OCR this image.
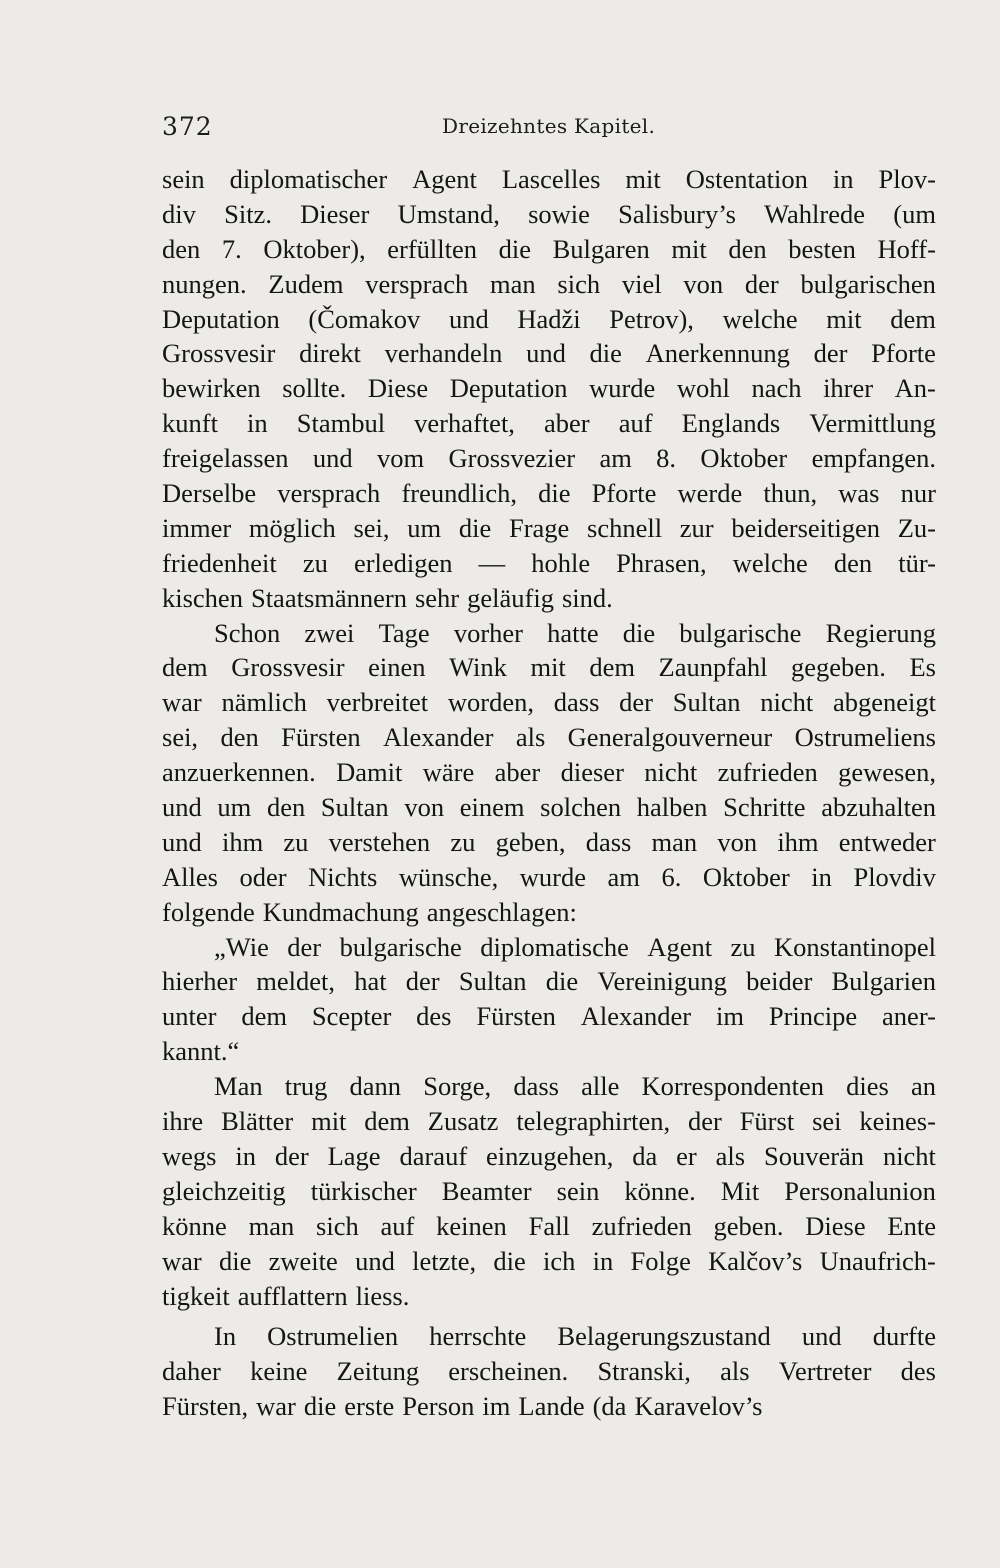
372	Dreizehntes Kapitel.
sein diplomatischer Agent Lascelles mit Ostentation in Plov-
div Sitz. Dieser Umstand, sowie Salisbury’s Wahlrede (um
den 7. Oktober), erfüllten die Bulgaren mit den besten Hoff-
nungen. Zudem versprach man sich viel von der bulgarischen
Deputation (Čomakov und Hadži Petrov), welche mit dem
Grossvesir direkt verhandeln und die Anerkennung der Pforte
bewirken sollte. Diese Deputation wurde wohl nach ihrer An-
kunft in Stambul verhaftet, aber auf Englands Vermittlung
freigelassen und vom Grossvezier am 8. Oktober empfangen.
Derselbe versprach freundlich, die Pforte werde thun, was nur
immer möglich sei, um die Frage schnell zur beiderseitigen Zu-
friedenheit zu erledigen — hohle Phrasen, welche den tür-
kischen Staatsmännern sehr geläufig sind.
Schon zwei Tage vorher hatte die bulgarische Regierung
dem Grossvesir einen Wink mit dem Zaunpfahl gegeben. Es
war nämlich verbreitet worden, dass der Sultan nicht abgeneigt
sei, den Fürsten Alexander als Generalgouverneur Ostrumeliens
anzuerkennen. Damit wäre aber dieser nicht zufrieden gewesen,
und um den Sultan von einem solchen halben Schritte abzuhalten
und ihm zu verstehen zu geben, dass man von ihm entweder
Alles oder Nichts wünsche, wurde am 6. Oktober in Plovdiv
folgende Kundmachung angeschlagen:
„Wie der bulgarische diplomatische Agent zu Konstantinopel
hierher meldet, hat der Sultan die Vereinigung beider Bulgarien
unter dem Scepter des Fürsten Alexander im Principe aner-
kannt.“
Man trug dann Sorge, dass alle Korrespondenten dies an
ihre Blätter mit dem Zusatz telegraphirten, der Fürst sei keines-
wegs in der Lage darauf einzugehen, da er als Souverän nicht
gleichzeitig türkischer Beamter sein könne. Mit Personalunion
könne man sich auf keinen Fall zufrieden geben. Diese Ente
war die zweite und letzte, die ich in Folge Kalčov’s Unaufrich-
tigkeit aufflattern liess.
In Ostrumelien herrschte Belagerungszustand und durfte
daher keine Zeitung erscheinen. Stranski, als Vertreter des
Fürsten, war die erste Person im Lande (da Karavelov’s
